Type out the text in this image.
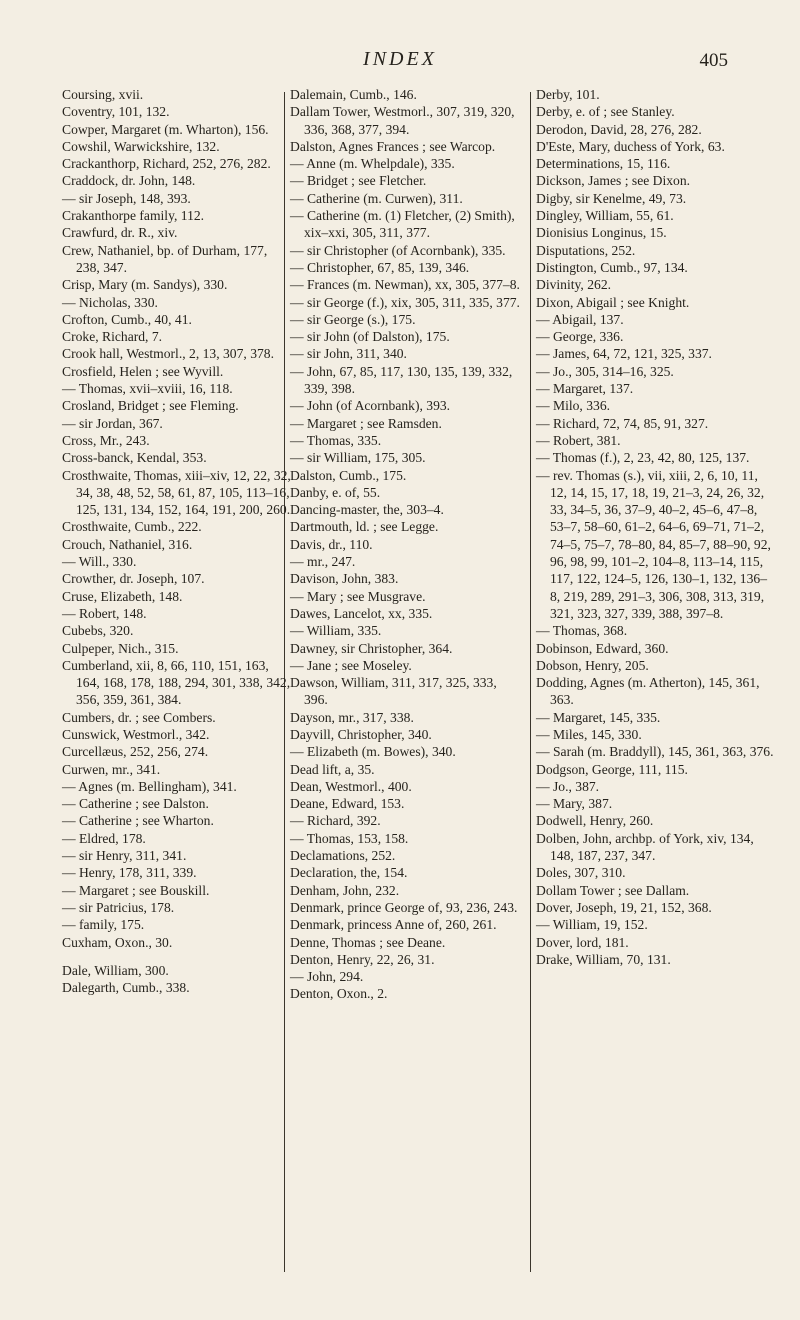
INDEX	405
Coursing, xvii.
Coventry, 101, 132.
Cowper, Margaret (m. Wharton), 156.
Cowshil, Warwickshire, 132.
Crackanthorp, Richard, 252, 276, 282.
Craddock, dr. John, 148.
— sir Joseph, 148, 393.
Crakanthorpe family, 112.
Crawfurd, dr. R., xiv.
Crew, Nathaniel, bp. of Durham, 177, 238, 347.
Crisp, Mary (m. Sandys), 330.
— Nicholas, 330.
Crofton, Cumb., 40, 41.
Croke, Richard, 7.
Crook hall, Westmorl., 2, 13, 307, 378.
Crosfield, Helen ; see Wyvill.
— Thomas, xvii–xviii, 16, 118.
Crosland, Bridget ; see Fleming.
— sir Jordan, 367.
Cross, Mr., 243.
Cross-banck, Kendal, 353.
Crosthwaite, Thomas, xiii–xiv, 12, 22, 32, 34, 38, 48, 52, 58, 61, 87, 105, 113–16, 125, 131, 134, 152, 164, 191, 200, 260.
Crosthwaite, Cumb., 222.
Crouch, Nathaniel, 316.
— Will., 330.
Crowther, dr. Joseph, 107.
Cruse, Elizabeth, 148.
— Robert, 148.
Cubebs, 320.
Culpeper, Nich., 315.
Cumberland, xii, 8, 66, 110, 151, 163, 164, 168, 178, 188, 294, 301, 338, 342, 356, 359, 361, 384.
Cumbers, dr. ; see Combers.
Cunswick, Westmorl., 342.
Curcellæus, 252, 256, 274.
Curwen, mr., 341.
— Agnes (m. Bellingham), 341.
— Catherine ; see Dalston.
— Catherine ; see Wharton.
— Eldred, 178.
— sir Henry, 311, 341.
— Henry, 178, 311, 339.
— Margaret ; see Bouskill.
— sir Patricius, 178.
— family, 175.
Cuxham, Oxon., 30.
Dale, William, 300.
Dalegarth, Cumb., 338.
Dalemain, Cumb., 146.
Dallam Tower, Westmorl., 307, 319, 320, 336, 368, 377, 394.
Dalston, Agnes Frances ; see Warcop.
— Anne (m. Whelpdale), 335.
— Bridget ; see Fletcher.
— Catherine (m. Curwen), 311.
— Catherine (m. (1) Fletcher, (2) Smith), xix–xxi, 305, 311, 377.
— sir Christopher (of Acornbank), 335.
— Christopher, 67, 85, 139, 346.
— Frances (m. Newman), xx, 305, 377–8.
— sir George (f.), xix, 305, 311, 335, 377.
— sir George (s.), 175.
— sir John (of Dalston), 175.
— sir John, 311, 340.
— John, 67, 85, 117, 130, 135, 139, 332, 339, 398.
— John (of Acornbank), 393.
— Margaret ; see Ramsden.
— Thomas, 335.
— sir William, 175, 305.
Dalston, Cumb., 175.
Danby, e. of, 55.
Dancing-master, the, 303–4.
Dartmouth, ld. ; see Legge.
Davis, dr., 110.
— mr., 247.
Davison, John, 383.
— Mary ; see Musgrave.
Dawes, Lancelot, xx, 335.
— William, 335.
Dawney, sir Christopher, 364.
— Jane ; see Moseley.
Dawson, William, 311, 317, 325, 333, 396.
Dayson, mr., 317, 338.
Dayvill, Christopher, 340.
— Elizabeth (m. Bowes), 340.
Dead lift, a, 35.
Dean, Westmorl., 400.
Deane, Edward, 153.
— Richard, 392.
— Thomas, 153, 158.
Declamations, 252.
Declaration, the, 154.
Denham, John, 232.
Denmark, prince George of, 93, 236, 243.
Denmark, princess Anne of, 260, 261.
Denne, Thomas ; see Deane.
Denton, Henry, 22, 26, 31.
— John, 294.
Denton, Oxon., 2.
Derby, 101.
Derby, e. of ; see Stanley.
Derodon, David, 28, 276, 282.
D'Este, Mary, duchess of York, 63.
Determinations, 15, 116.
Dickson, James ; see Dixon.
Digby, sir Kenelme, 49, 73.
Dingley, William, 55, 61.
Dionisius Longinus, 15.
Disputations, 252.
Distington, Cumb., 97, 134.
Divinity, 262.
Dixon, Abigail ; see Knight.
— Abigail, 137.
— George, 336.
— James, 64, 72, 121, 325, 337.
— Jo., 305, 314–16, 325.
— Margaret, 137.
— Milo, 336.
— Richard, 72, 74, 85, 91, 327.
— Robert, 381.
— Thomas (f.), 2, 23, 42, 80, 125, 137.
— rev. Thomas (s.), vii, xiii, 2, 6, 10, 11, 12, 14, 15, 17, 18, 19, 21–3, 24, 26, 32, 33, 34–5, 36, 37–9, 40–2, 45–6, 47–8, 53–7, 58–60, 61–2, 64–6, 69–71, 71–2, 74–5, 75–7, 78–80, 84, 85–7, 88–90, 92, 96, 98, 99, 101–2, 104–8, 113–14, 115, 117, 122, 124–5, 126, 130–1, 132, 136–8, 219, 289, 291–3, 306, 308, 313, 319, 321, 323, 327, 339, 388, 397–8.
— Thomas, 368.
Dobinson, Edward, 360.
Dobson, Henry, 205.
Dodding, Agnes (m. Atherton), 145, 361, 363.
— Margaret, 145, 335.
— Miles, 145, 330.
— Sarah (m. Braddyll), 145, 361, 363, 376.
Dodgson, George, 111, 115.
— Jo., 387.
— Mary, 387.
Dodwell, Henry, 260.
Dolben, John, archbp. of York, xiv, 134, 148, 187, 237, 347.
Doles, 307, 310.
Dollam Tower ; see Dallam.
Dover, Joseph, 19, 21, 152, 368.
— William, 19, 152.
Dover, lord, 181.
Drake, William, 70, 131.
